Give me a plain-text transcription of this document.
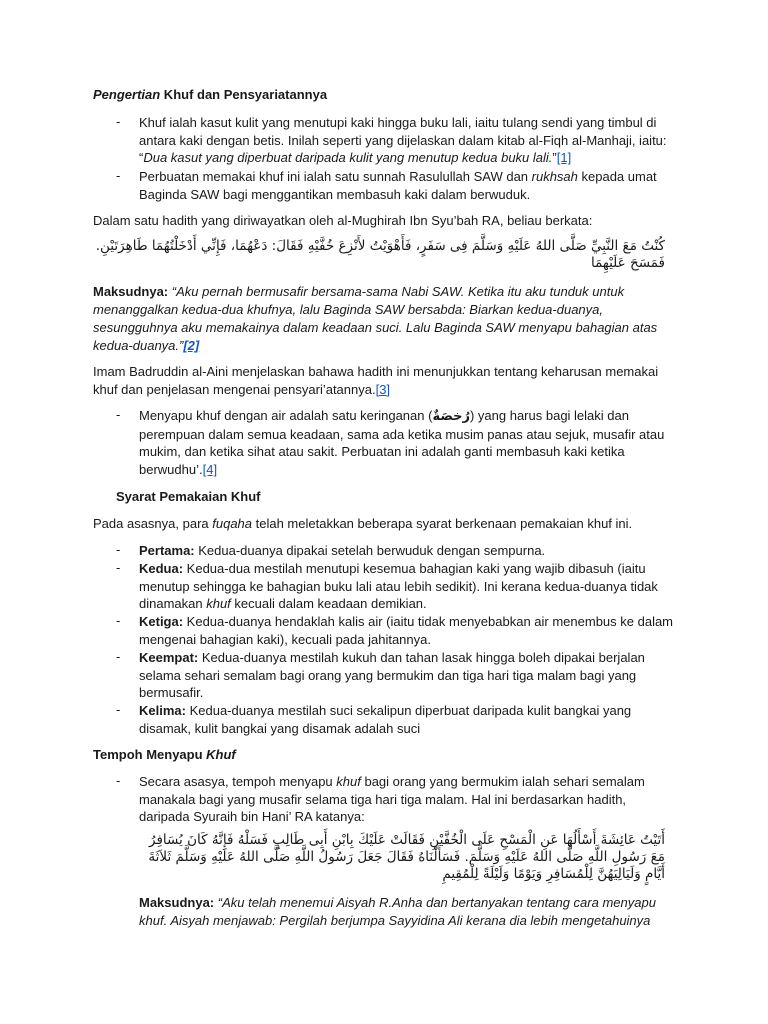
Pengertian Khuf dan Pensyariatannya

- Khuf ialah kasut kulit yang menutupi kaki hingga buku lali, iaitu tulang sendi yang timbul di antara kaki dengan betis. Inilah seperti yang dijelaskan dalam kitab al-Fiqh al-Manhaji, iaitu: “Dua kasut yang diperbuat daripada kulit yang menutup kedua buku lali.”[1]

- Perbuatan memakai khuf ini ialah satu sunnah Rasulullah SAW dan rukhsah kepada umat Baginda SAW bagi menggantikan membasuh kaki dalam berwuduk.

Dalam satu hadith yang diriwayatkan oleh al-Mughirah Ibn Syu’bah RA, beliau berkata:

كُنْتُ مَعَ النَّبِيِّ صَلَّى اللهُ عَلَيْهِ وَسَلَّمَ فِى سَفَرٍ، فَأَهْوَيْتُ لأَنْزِعَ خُفَّيْهِ فَقَالَ: دَعْهُمَا، فَإِنِّي أَدْخَلْتُهُمَا طَاهِرَتَيْنِ. فَمَسَحَ عَلَيْهِمَا

Maksudnya: “Aku pernah bermusafir bersama-sama Nabi SAW. Ketika itu aku tunduk untuk menanggalkan kedua-dua khufnya, lalu Baginda SAW bersabda: Biarkan kedua-duanya, sesungguhnya aku memakainya dalam keadaan suci. Lalu Baginda SAW menyapu bahagian atas kedua-duanya.”[2]

Imam Badruddin al-Aini menjelaskan bahawa hadith ini menunjukkan tentang keharusan memakai khuf dan penjelasan mengenai pensyari’atannya.[3]

- Menyapu khuf dengan air adalah satu keringanan (رُخصَةٌ) yang harus bagi lelaki dan perempuan dalam semua keadaan, sama ada ketika musim panas atau sejuk, musafir atau mukim, dan ketika sihat atau sakit. Perbuatan ini adalah ganti membasuh kaki ketika berwudhu’.[4]

Syarat Pemakaian Khuf

Pada asasnya, para fuqaha telah meletakkan beberapa syarat berkenaan pemakaian khuf ini.

- Pertama: Kedua-duanya dipakai setelah berwuduk dengan sempurna.

- Kedua: Kedua-dua mestilah menutupi kesemua bahagian kaki yang wajib dibasuh (iaitu menutup sehingga ke bahagian buku lali atau lebih sedikit). Ini kerana kedua-duanya tidak dinamakan khuf kecuali dalam keadaan demikian.

- Ketiga: Kedua-duanya hendaklah kalis air (iaitu tidak menyebabkan air menembus ke dalam mengenai bahagian kaki), kecuali pada jahitannya.

- Keempat: Kedua-duanya mestilah kukuh dan tahan lasak hingga boleh dipakai berjalan selama sehari semalam bagi orang yang bermukim dan tiga hari tiga malam bagi yang bermusafir.

- Kelima: Kedua-duanya mestilah suci sekalipun diperbuat daripada kulit bangkai yang disamak, kulit bangkai yang disamak adalah suci

Tempoh Menyapu Khuf

- Secara asasya, tempoh menyapu khuf bagi orang yang bermukim ialah sehari semalam manakala bagi yang musafir selama tiga hari tiga malam. Hal ini berdasarkan hadith, daripada Syuraih bin Hani’ RA katanya:

أَتَيْتُ عَائِشَةَ أَسْأَلُهَا عَنِ الْمَسْحِ عَلَى الْخُفَّيْنِ فَقَالَتْ عَلَيْكَ بِابْنِ أَبِى طَالِبٍ فَسَلْهُ فَإِنَّهُ كَانَ يُسَافِرُ مَعَ رَسُولِ اللَّهِ صَلَّى اللهُ عَلَيْهِ وَسَلَّمَ. فَسَأَلْنَاهُ فَقَالَ جَعَلَ رَسُولُ اللَّهِ صَلَّى اللهُ عَلَيْهِ وَسَلَّمَ ثَلاَثَةَ أَيَّامٍ وَلَيَالِيَهُنَّ لِلْمُسَافِرِ وَيَوْمًا وَلَيْلَةً لِلْمُقِيمِ

Maksudnya: “Aku telah menemui Aisyah R.Anha dan bertanyakan tentang cara menyapu khuf. Aisyah menjawab: Pergilah berjumpa Sayyidina Ali kerana dia lebih mengetahuinya
